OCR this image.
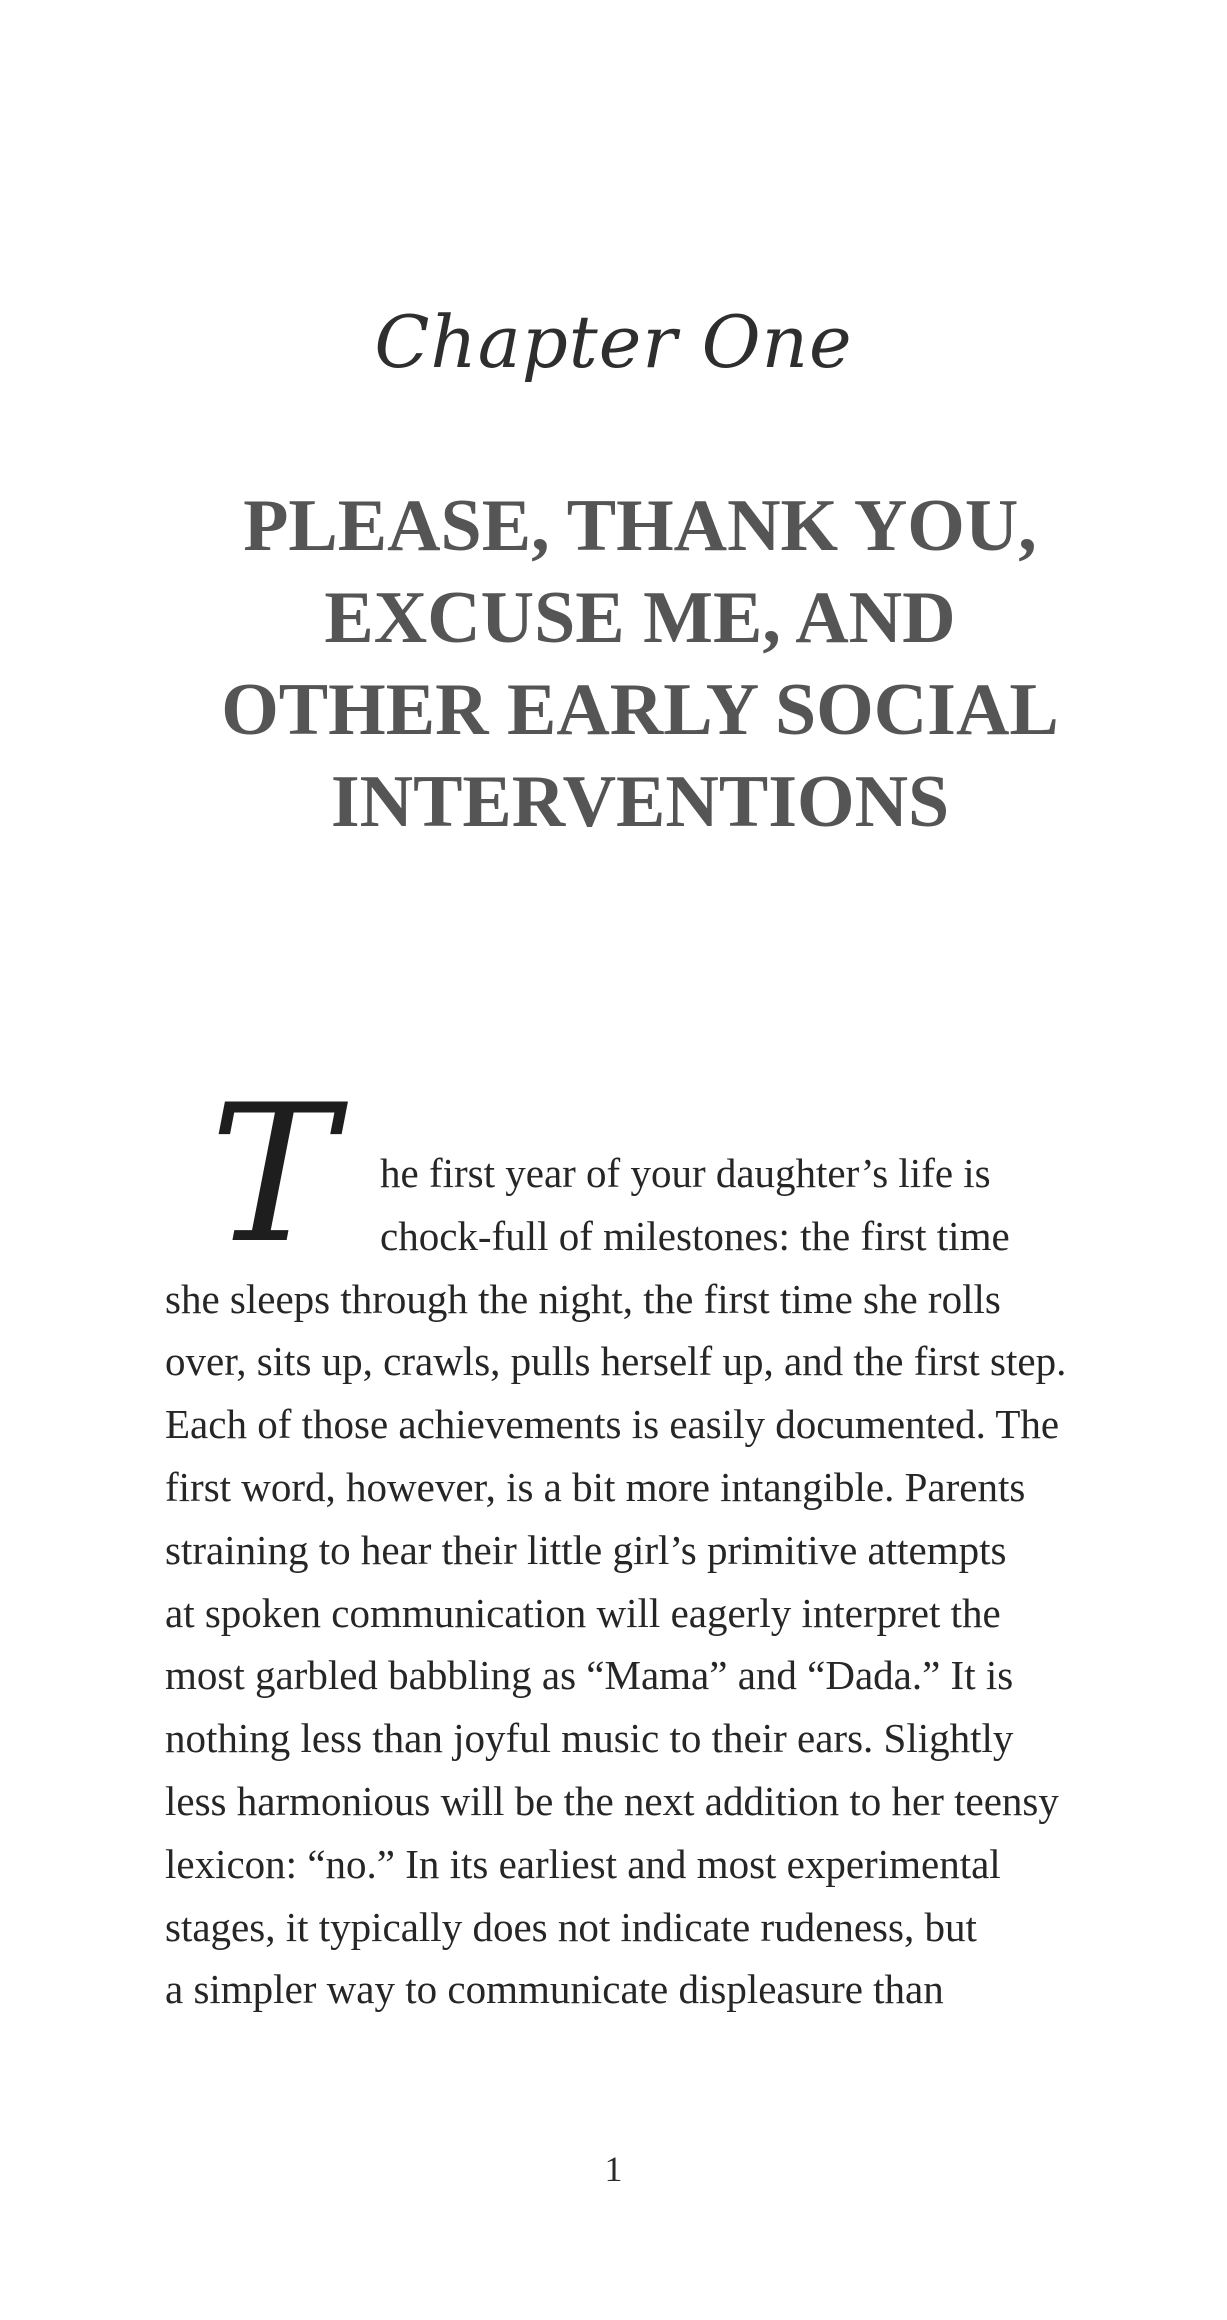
Chapter One
PLEASE, THANK YOU,
EXCUSE ME, AND
OTHER EARLY SOCIAL
INTERVENTIONS
T	he first year of your daughter’s life is
chock-full of milestones: the first time
she sleeps through the night, the first time she rolls
over, sits up, crawls, pulls herself up, and the first step.
Each of those achievements is easily documented. The
first word, however, is a bit more intangible. Parents
straining to hear their little girl’s primitive attempts
at spoken communication will eagerly interpret the
most garbled babbling as “Mama” and “Dada.” It is
nothing less than joyful music to their ears. Slightly
less harmonious will be the next addition to her teensy
lexicon: “no.” In its earliest and most experimental
stages, it typically does not indicate rudeness, but
a simpler way to communicate displeasure than
1
